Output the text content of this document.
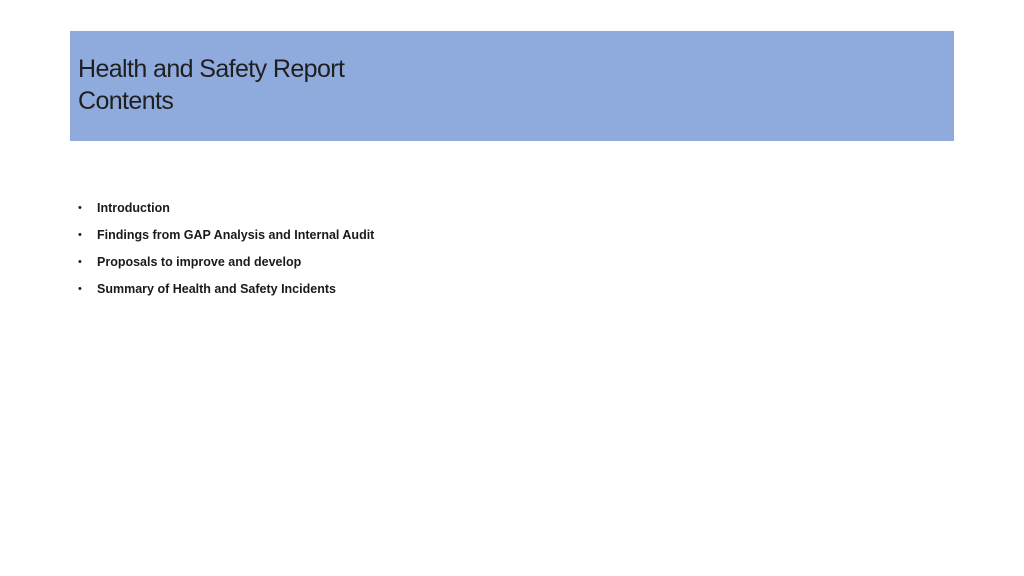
Health and Safety Report
Contents
•	Introduction
•	Findings from GAP Analysis and Internal Audit
•	Proposals to improve and develop
•	Summary of Health and Safety Incidents
